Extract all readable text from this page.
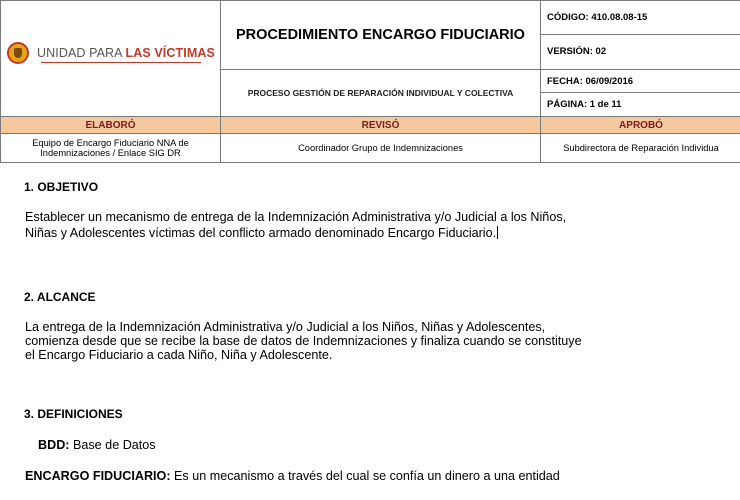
UNIDAD PARA LAS VÍCTIMAS	PROCEDIMIENTO ENCARGO FIDUCIARIO	CÓDIGO: 410.08.08-15
		VERSIÓN: 02
	PROCESO GESTIÓN DE REPARACIÓN INDIVIDUAL Y COLECTIVA	FECHA: 06/09/2016
		PÁGINA: 1 de 11
ELABORÓ	REVISÓ	APROBÓ

Equipo de Encargo Fiduciario NNA de
Indemnizaciones / Enlace SIG DR	Coordinador Grupo de Indemnizaciones	Subdirectora de Reparación Individua
1. OBJETIVO

Establecer un mecanismo de entrega de la Indemnización Administrativa y/o Judicial a los Niños,

Niñas y Adolescentes víctimas del conflicto armado denominado Encargo Fiduciario.

2. ALCANCE

La entrega de la Indemnización Administrativa y/o Judicial a los Niños, Niñas y Adolescentes,

comienza desde que se recibe la base de datos de Indemnizaciones y finaliza cuando se constituye

el Encargo Fiduciario a cada Niño, Niña y Adolescente.

3. DEFINICIONES

BDD: Base de Datos

ENCARGO FIDUCIARIO: Es un mecanismo a través del cual se confía un dinero a una entidad
